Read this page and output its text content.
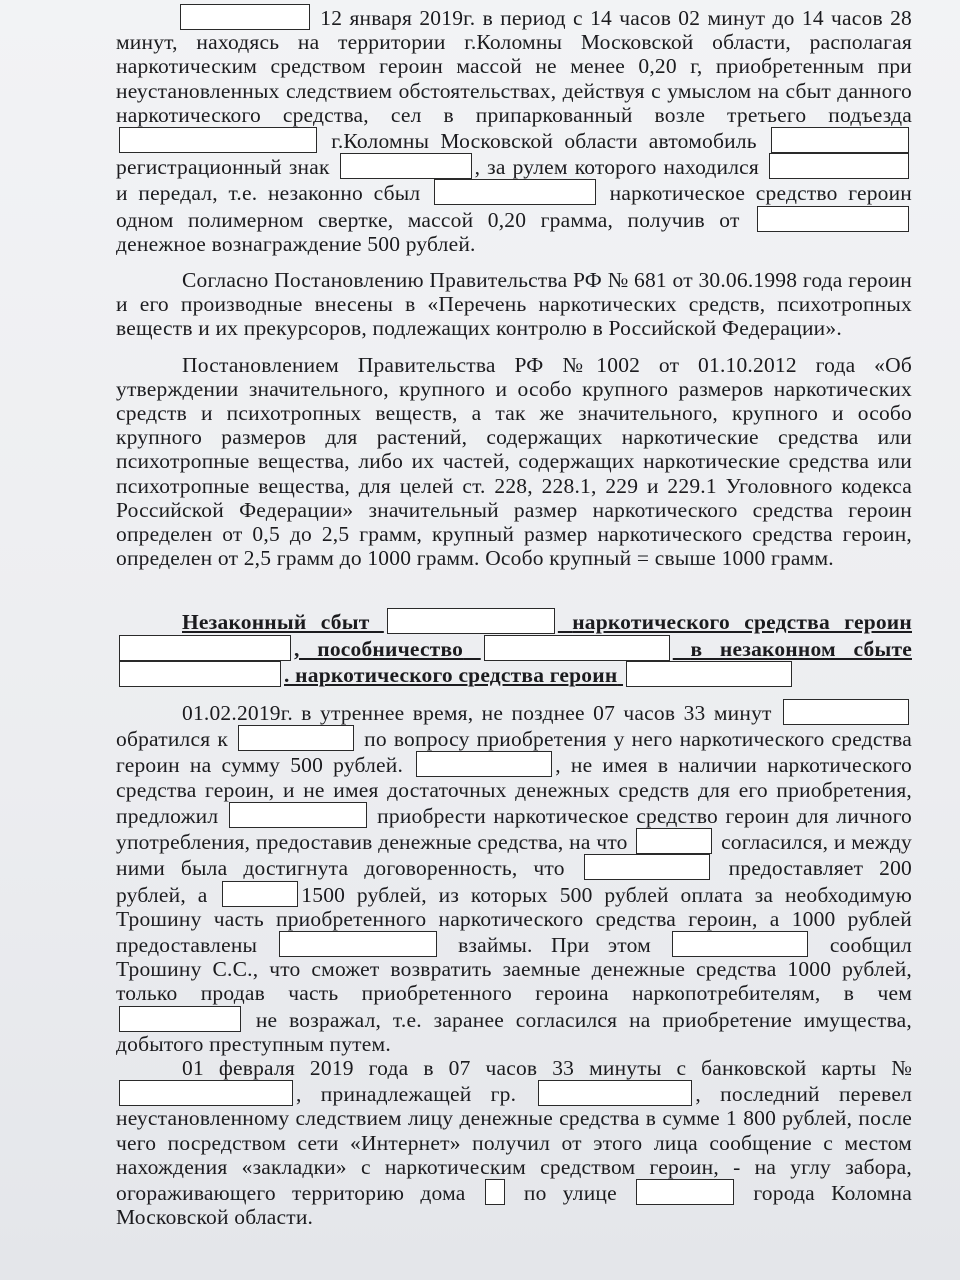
12 января 2019г. в период с 14 часов 02 минут до 14 часов 28 минут, находясь на территории г.Коломны Московской области, располагая наркотическим средством героин массой не менее 0,20 г, приобретенным при неустановленных следствием обстоятельствах, действуя с умыслом на сбыт данного наркотического средства, сел в припаркованный возле третьего подъезда  г.Коломны Московской области автомобиль  регистрационный знак	, за рулем которого находился  и передал, т.е. незаконно сбыл	наркотическое средство героин одном полимерном свертке, массой 0,20 грамма, получив от  денежное вознаграждение 500 рублей.

Согласно Постановлению Правительства РФ № 681 от 30.06.1998 года героин и его производные внесены в «Перечень наркотических средств, психотропных веществ и их прекурсоров, подлежащих контролю в Российской Федерации».

Постановлением Правительства РФ №1002 от 01.10.2012 года «Об утверждении значительного, крупного и особо крупного размеров наркотических средств и психотропных веществ, а так же значительного, крупного и особо крупного размеров для растений, содержащих наркотические средства или психотропные вещества, либо их частей, содержащих наркотические средства или психотропные вещества, для целей ст. 228, 228.1, 229 и 229.1 Уголовного кодекса Российской Федерации» значительный размер наркотического средства героин определен от 0,5 до 2,5 грамм, крупный размер наркотического средства героин, определен от 2,5 грамм до 1000 грамм. Особо крупный = свыше 1000 грамм.

Незаконный сбыт	наркотического средства героин , пособничество	в незаконном сбыте . наркотического средства героин

01.02.2019г. в утреннее время, не позднее 07 часов 33 минут  обратился к	по вопросу приобретения у него наркотического средства героин на сумму 500 рублей.	, не имея в наличии наркотического средства героин, и не имея достаточных денежных средств для его приобретения, предложил	приобрести наркотическое средство героин для личного употребления, предоставив денежные средства, на что	согласился, и между ними была достигнута договоренность, что	предоставляет 200 рублей, а	1500 рублей, из которых 500 рублей оплата за необходимую Трошину часть приобретенного наркотического средства героин, а 1000 рублей предоставлены	взаймы. При этом	сообщил Трошину С.С., что сможет возвратить заемные денежные средства 1000 рублей, только продав часть приобретенного героина наркопотребителям, в чем  не возражал, т.е. заранее согласился на приобретение имущества, добытого преступным путем.

01 февраля 2019 года в 07 часов 33 минуты с банковской карты № , принадлежащей гр.	, последний перевел неустановленному следствием лицу денежные средства в сумме 1 800 рублей, после чего посредством сети «Интернет» получил от этого лица сообщение с местом нахождения «закладки» с наркотическим средством героин, - на углу забора, огораживающего территорию дома	по улице	города Коломна Московской области.
